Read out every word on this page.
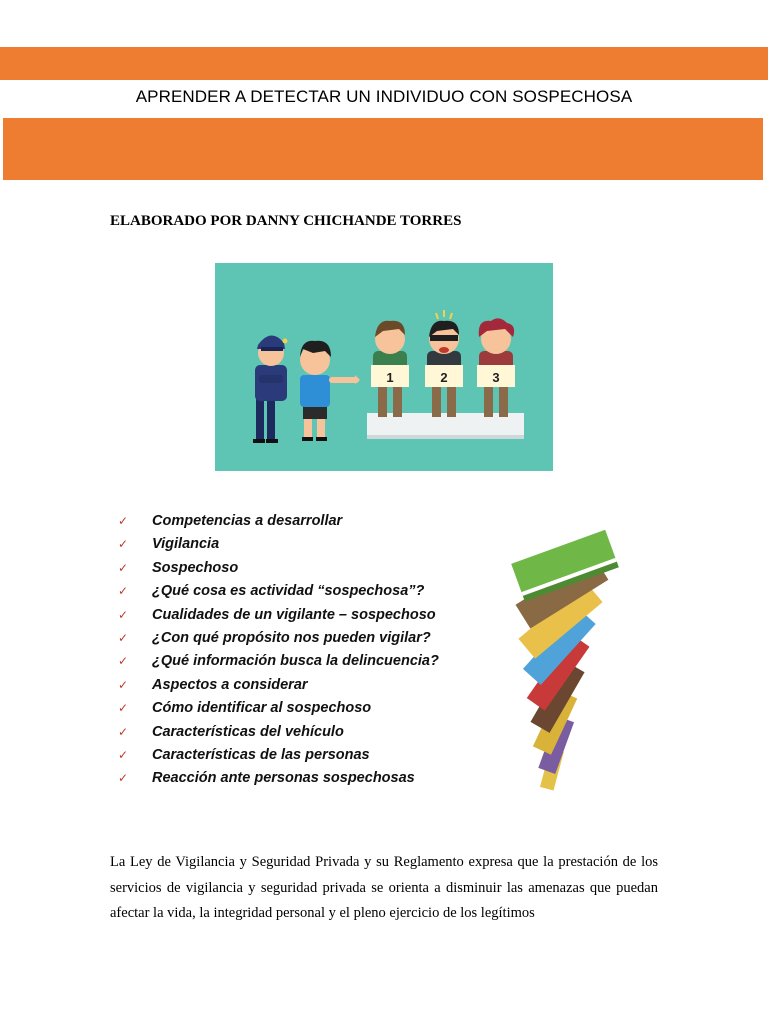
APRENDER A DETECTAR UN INDIVIDUO CON SOSPECHOSA
ELABORADO POR DANNY CHICHANDE TORRES
1	2	3
✓ Competencias a desarrollar
✓ Vigilancia
✓ Sospechoso
✓ ¿Qué cosa es actividad “sospechosa”?
✓ Cualidades de un vigilante – sospechoso
✓ ¿Con qué propósito nos pueden vigilar?
✓ ¿Qué información busca la delincuencia?
✓ Aspectos a considerar
✓ Cómo identificar al sospechoso
✓ Características del vehículo
✓ Características de las personas
✓ Reacción ante personas sospechosas

La Ley de Vigilancia y Seguridad Privada y su Reglamento expresa que la prestación de los servicios de vigilancia y seguridad privada se orienta a disminuir las amenazas que puedan afectar la vida, la integridad personal y el pleno ejercicio de los legítimos
